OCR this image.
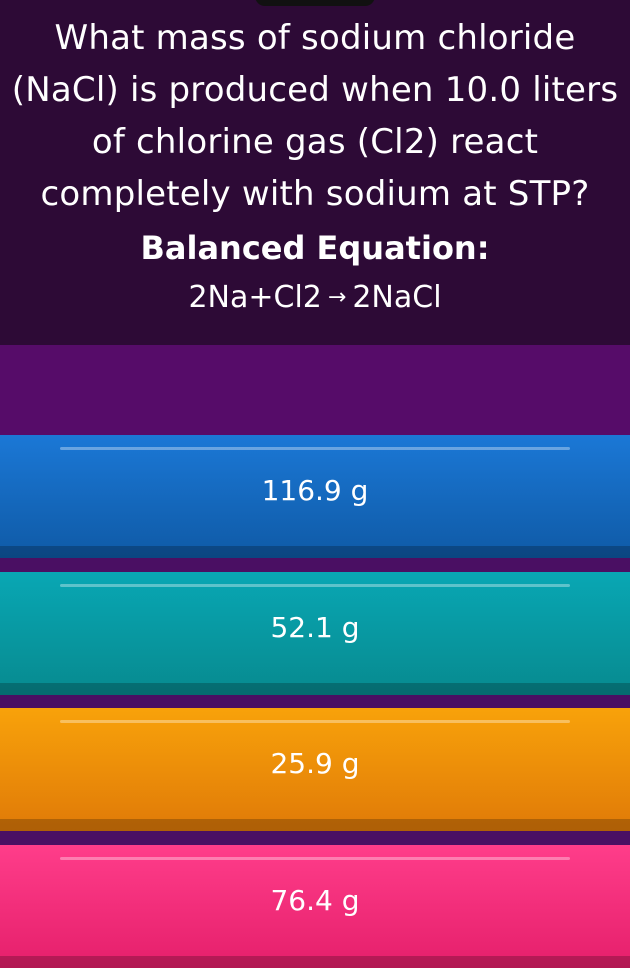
What mass of sodium chloride (NaCl) is produced when 10.0 liters of chlorine gas (Cl2) react completely with sodium at STP?

Balanced Equation:
2Na+Cl2 → 2NaCl
116.9 g
52.1 g
25.9 g
76.4 g
